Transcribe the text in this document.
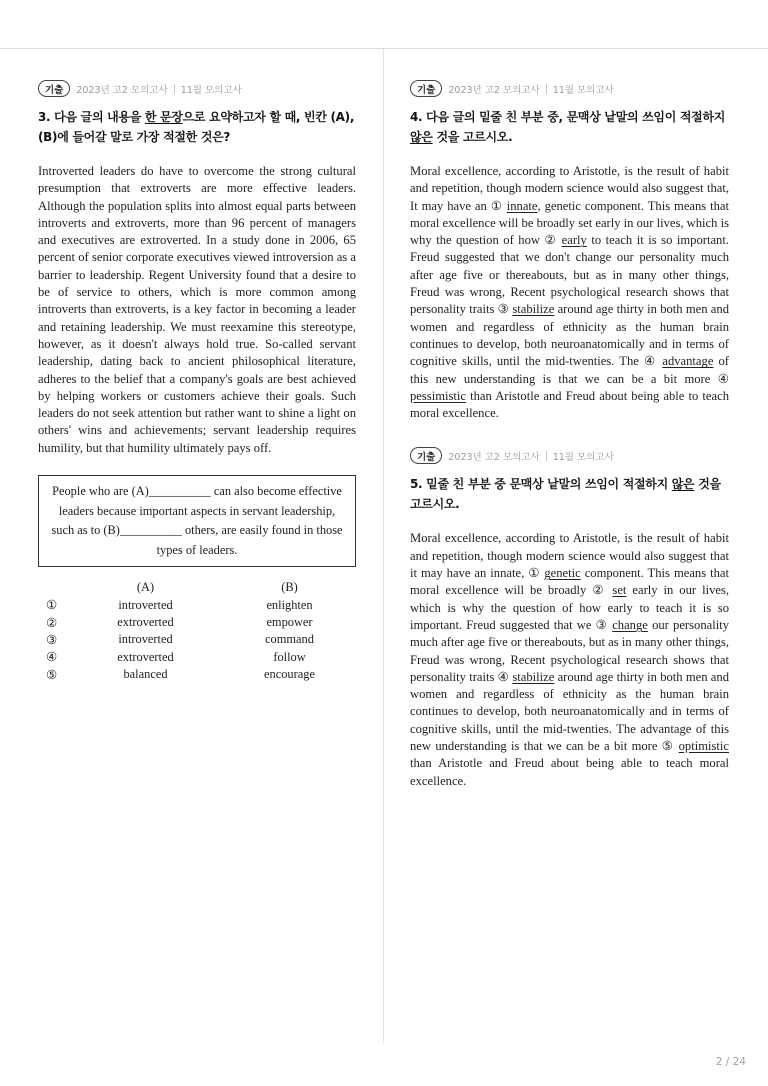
기출	2023년 고2 모의고사 11월 모의고사
3. 다음 글의 내용을 한 문장으로 요약하고자 할 때, 빈칸 (A), (B)에 들어갈 말로 가장 적절한 것은?

Introverted leaders do have to overcome the strong cultural presumption that extroverts are more effective leaders. Although the population splits into almost equal parts between introverts and extroverts, more than 96 percent of managers and executives are extroverted. In a study done in 2006, 65 percent of senior corporate executives viewed introversion as a barrier to leadership. Regent University found that a desire to be of service to others, which is more common among introverts than extroverts, is a key factor in becoming a leader and retaining leadership. We must reexamine this stereotype, however, as it doesn't always hold true. So-called servant leadership, dating back to ancient philosophical literature, adheres to the belief that a company's goals are best achieved by helping workers or customers achieve their goals. Such leaders do not seek attention but rather want to shine a light on others' wins and achievements; servant leadership requires humility, but that humility ultimately pays off.

People who are (A)__________ can also become effective leaders because important aspects in servant leadership, such as to (B)__________ others, are easily found in those types of leaders.
	(A)	(B)
①	introverted	enlighten
②	extroverted	empower
③	introverted	command
④	extroverted	follow
⑤	balanced	encourage
기출	2023년 고2 모의고사 11월 모의고사
4. 다음 글의 밑줄 친 부분 중, 문맥상 낱말의 쓰임이 적절하지 않은 것을 고르시오.

Moral excellence, according to Aristotle, is the result of habit and repetition, though modern science would also suggest that, It may have an ① innate, genetic component. This means that moral excellence will be broadly set early in our lives, which is why the question of how ② early to teach it is so important. Freud suggested that we don't change our personality much after age five or thereabouts, but as in many other things, Freud was wrong, Recent psychological research shows that personality traits ③ stabilize around age thirty in both men and women and regardless of ethnicity as the human brain continues to develop, both neuroanatomically and in terms of cognitive skills, until the mid-twenties. The ④ advantage of this new understanding is that we can be a bit more ④ pessimistic than Aristotle and Freud about being able to teach moral excellence.

기출	2023년 고2 모의고사 11월 모의고사
5. 밑줄 친 부분 중 문맥상 낱말의 쓰임이 적절하지 않은 것을 고르시오.

Moral excellence, according to Aristotle, is the result of habit and repetition, though modern science would also suggest that it may have an innate, ① genetic component. This means that moral excellence will be broadly ② set early in our lives, which is why the question of how early to teach it is so important. Freud suggested that we ③ change our personality much after age five or thereabouts, but as in many other things, Freud was wrong, Recent psychological research shows that personality traits ④ stabilize around age thirty in both men and women and regardless of ethnicity as the human brain continues to develop, both neuroanatomically and in terms of cognitive skills, until the mid-twenties. The advantage of this new understanding is that we can be a bit more ⑤ optimistic than Aristotle and Freud about being able to teach moral excellence.

2 / 24
